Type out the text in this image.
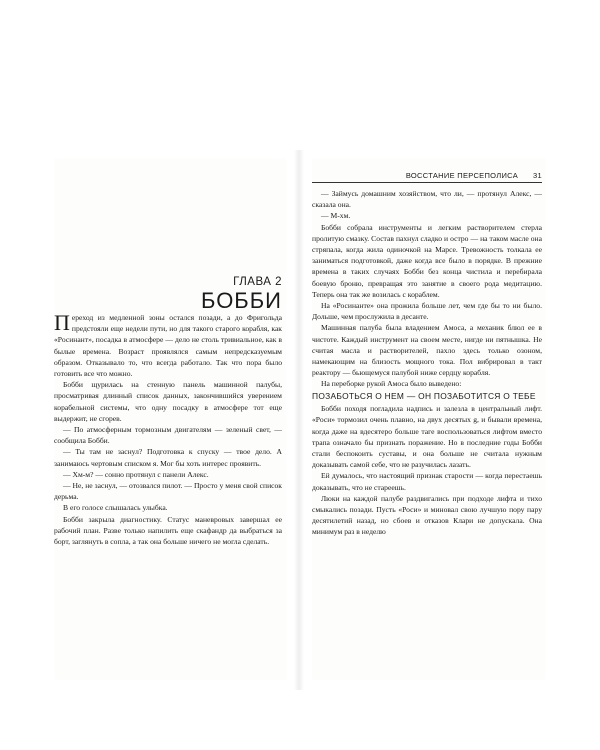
ГЛАВА 2
БОББИ

Переход из медленной зоны остался позади, а до Фригольда предстояли еще недели пути, но для такого старого корабля, как «Росинант», посадка в атмосфере — дело не столь тривиальное, как в былые времена. Возраст проявлялся самым непредсказуемым образом. Отказывало то, что всегда работало. Так что пора было готовить все что можно.

Бобби щурилась на стенную панель машинной палубы, просматривая длинный список данных, закончившийся уверением корабельной системы, что одну посадку в атмосфере тот еще выдержит, не сгорев.

— По атмосферным тормозным двигателям — зеленый свет, — сообщила Бобби.

— Ты там не заснул? Подготовка к спуску — твое дело. А занимаюсь чертовым списком я. Мог бы хоть интерес проявить.

— Хм-м? — сонно протянул с панели Алекс.

— Не, не заснул, — отозвался пилот. — Просто у меня свой список дерьма.

В его голосе слышалась улыбка.

Бобби закрыла диагностику. Статус маневровых завершал ее рабочий план. Разве только напилить еще скафандр да выбраться за борт, заглянуть в сопла, а так она больше ничего не могла сделать.

ВОССТАНИЕ ПЕРСЕПОЛИСА 31

— Займусь домашним хозяйством, что ли, — протянул Алекс, — сказала она.

— М-хм.

Бобби собрала инструменты и легким растворителем стерла пролитую смазку. Состав пахнул сладко и остро — на таком масле она стряпала, когда жила одиночкой на Марсе. Тревожность толкала ее заниматься подготовкой, даже когда все было в порядке. В прежние времена в таких случаях Бобби без конца чистила и перебирала боевую броню, превращая это занятие в своего рода медитацию. Теперь она так же возилась с кораблем.

На «Росинанте» она прожила больше лет, чем где бы то ни было. Дольше, чем прослужила в десанте.

Машинная палуба была владением Амоса, а механик блюл ее в чистоте. Каждый инструмент на своем месте, нигде ни пятнышка. Не считая масла и растворителей, пахло здесь только озоном, намекающим на близость мощного тока. Пол вибрировал в такт реактору — бьющемуся палубой ниже сердцу корабля.

На переборке рукой Амоса было выведено:

ПОЗАБОТЬСЯ О НЕМ — ОН ПОЗАБОТИТСЯ О ТЕБЕ

Бобби походя погладила надпись и залезла в центральный лифт. «Роси» тормозил очень плавно, на двух десятых g, и бывали времена, когда даже на вдесятеро больше таге воспользоваться лифтом вместо трапа означало бы признать поражение. Но в последние годы Бобби стали беспокоить суставы, и она больше не считала нужным доказывать самой себе, что не разучилась лазать.

Ей думалось, что настоящий признак старости — когда перестаешь доказывать, что не стареешь.

Люки на каждой палубе раздвигались при подходе лифта и тихо смыкались позади. Пусть «Роси» и миновал свою лучшую пору пару десятилетий назад, но сбоев и отказов Клари не допускала. Она минимум раз в неделю
